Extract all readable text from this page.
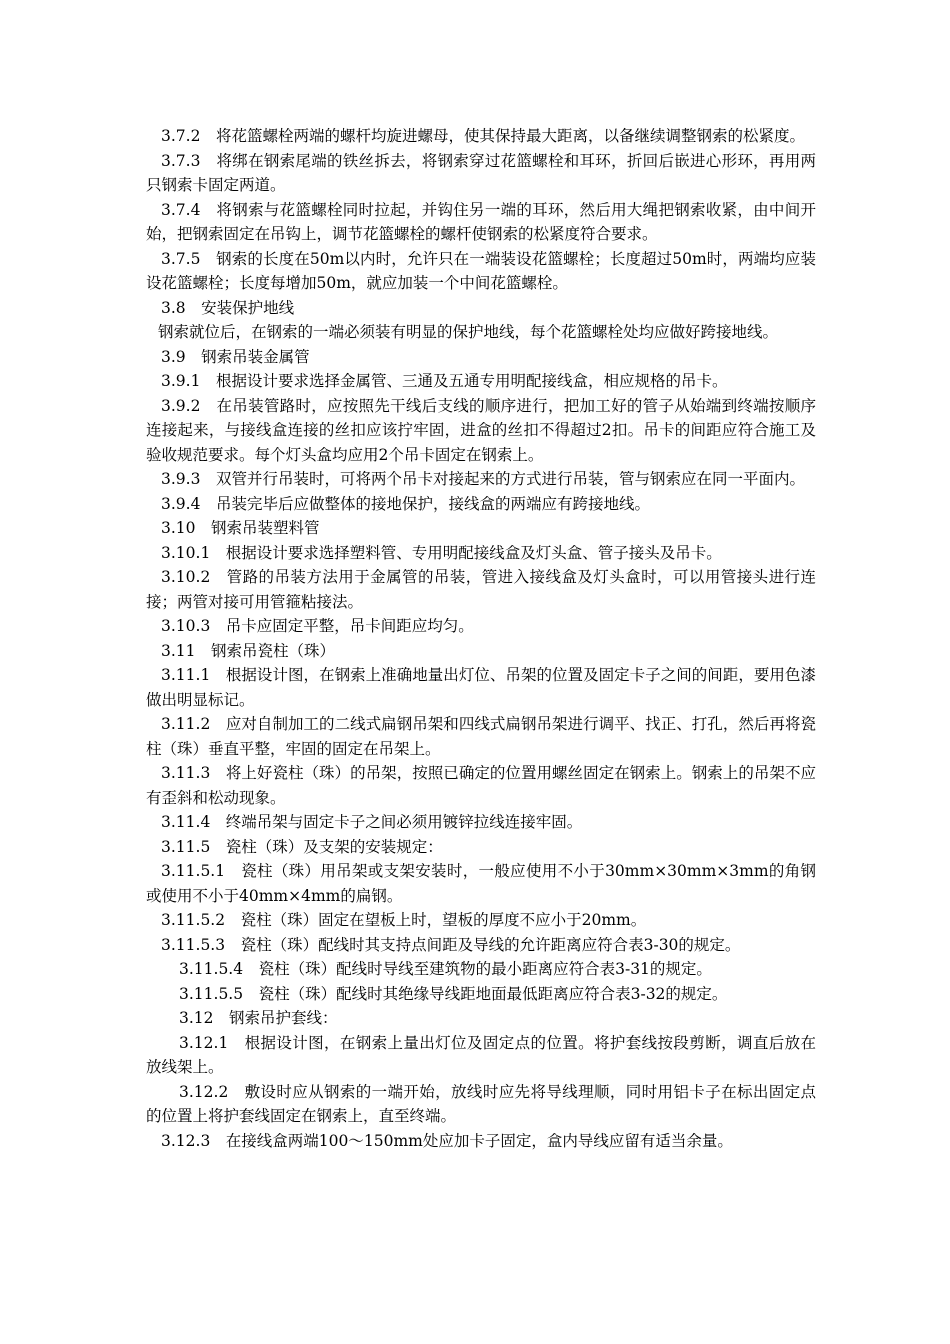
3.7.2　将花篮螺栓两端的螺杆均旋进螺母，使其保持最大距离，以备继续调整钢索的松紧度。

3.7.3　将绑在钢索尾端的铁丝拆去，将钢索穿过花篮螺栓和耳环，折回后嵌进心形环，再用两只钢索卡固定两道。

3.7.4　将钢索与花篮螺栓同时拉起，并钩住另一端的耳环，然后用大绳把钢索收紧，由中间开始，把钢索固定在吊钩上，调节花篮螺栓的螺杆使钢索的松紧度符合要求。

3.7.5　钢索的长度在50m以内时，允许只在一端装设花篮螺栓；长度超过50m时，两端均应装设花篮螺栓；长度每增加50m，就应加装一个中间花篮螺栓。

3.8　安装保护地线

钢索就位后，在钢索的一端必须装有明显的保护地线，每个花篮螺栓处均应做好跨接地线。

3.9　钢索吊装金属管

3.9.1　根据设计要求选择金属管、三通及五通专用明配接线盒，相应规格的吊卡。

3.9.2　在吊装管路时，应按照先干线后支线的顺序进行，把加工好的管子从始端到终端按顺序连接起来，与接线盒连接的丝扣应该拧牢固，进盒的丝扣不得超过2扣。吊卡的间距应符合施工及验收规范要求。每个灯头盒均应用2个吊卡固定在钢索上。

3.9.3　双管并行吊装时，可将两个吊卡对接起来的方式进行吊装，管与钢索应在同一平面内。

3.9.4　吊装完毕后应做整体的接地保护，接线盒的两端应有跨接地线。

3.10　钢索吊装塑料管

3.10.1　根据设计要求选择塑料管、专用明配接线盒及灯头盒、管子接头及吊卡。

3.10.2　管路的吊装方法用于金属管的吊装，管进入接线盒及灯头盒时，可以用管接头进行连接；两管对接可用管箍粘接法。

3.10.3　吊卡应固定平整，吊卡间距应均匀。

3.11　钢索吊瓷柱（珠）

3.11.1　根据设计图，在钢索上准确地量出灯位、吊架的位置及固定卡子之间的间距，要用色漆做出明显标记。

3.11.2　应对自制加工的二线式扁钢吊架和四线式扁钢吊架进行调平、找正、打孔，然后再将瓷柱（珠）垂直平整，牢固的固定在吊架上。

3.11.3　将上好瓷柱（珠）的吊架，按照已确定的位置用螺丝固定在钢索上。钢索上的吊架不应有歪斜和松动现象。

3.11.4　终端吊架与固定卡子之间必须用镀锌拉线连接牢固。

3.11.5　瓷柱（珠）及支架的安装规定：

3.11.5.1　瓷柱（珠）用吊架或支架安装时，一般应使用不小于30mm×30mm×3mm的角钢或使用不小于40mm×4mm的扁钢。

3.11.5.2　瓷柱（珠）固定在望板上时，望板的厚度不应小于20mm。

3.11.5.3　瓷柱（珠）配线时其支持点间距及导线的允许距离应符合表3-30的规定。

3.11.5.4　瓷柱（珠）配线时导线至建筑物的最小距离应符合表3-31的规定。

3.11.5.5　瓷柱（珠）配线时其绝缘导线距地面最低距离应符合表3-32的规定。

3.12　钢索吊护套线：

3.12.1　根据设计图，在钢索上量出灯位及固定点的位置。将护套线按段剪断，调直后放在放线架上。

3.12.2　敷设时应从钢索的一端开始，放线时应先将导线理顺，同时用铝卡子在标出固定点的位置上将护套线固定在钢索上，直至终端。

3.12.3　在接线盒两端100～150mm处应加卡子固定，盒内导线应留有适当余量。
